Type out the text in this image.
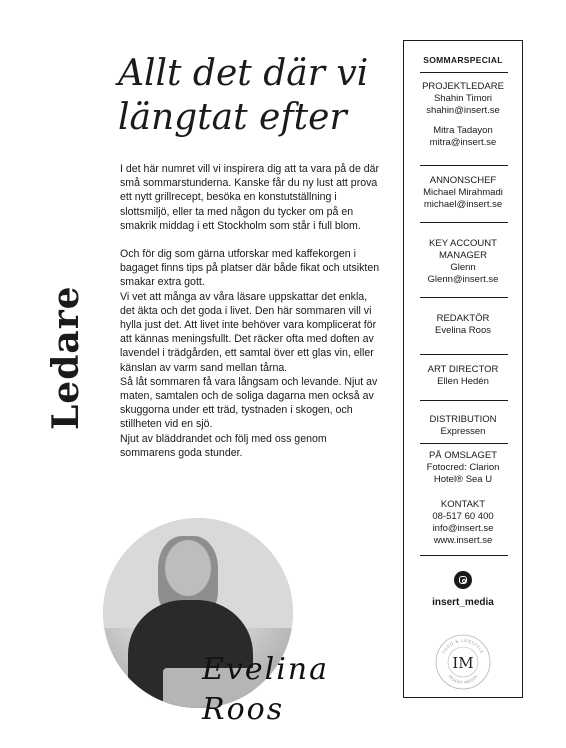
Ledare
Allt det där vi
längtat efter

I det här numret vill vi inspirera dig att ta vara på de där små sommarstunderna. Kanske får du ny lust att prova ett nytt grillrecept, besöka en konstutställning i slottsmiljö, eller ta med någon du tycker om på en smakrik middag i ett Stockholm som står i full blom.

Och för dig som gärna utforskar med kaffekorgen i bagaget finns tips på platser där både fikat och utsikten smakar extra gott.

Vi vet att många av våra läsare uppskattar det enkla, det äkta och det goda i livet. Den här sommaren vill vi hylla just det. Att livet inte behöver vara komplicerat för att kännas meningsfullt. Det räcker ofta med doften av lavendel i trädgården, ett samtal över ett glas vin, eller känslan av varm sand mellan tårna.

Så låt sommaren få vara långsam och levande. Njut av maten, samtalen och de soliga dagarna men också av skuggorna under ett träd, tystnaden i skogen, och stillheten vid en sjö.

Njut av bläddrandet och följ med oss genom sommarens goda stunder.

Evelina Roos
SOMMARSPECIAL
PROJEKTLEDARE
Shahin Timori
shahin@insert.se
Mitra Tadayon
mitra@insert.se
ANNONSCHEF
Michael Mirahmadi
michael@insert.se
KEY ACCOUNT
MANAGER
Glenn
Glenn@insert.se
REDAKTÖR
Evelina Roos
ART DIRECTOR
Ellen Hedén
DISTRIBUTION
Expressen
PÅ OMSLAGET
Fotocred: Clarion
Hotel® Sea U
KONTAKT
08-517 60 400
info@insert.se
www.insert.se
insert_media
FOOD & LIFESTYLE
INSERT MEDIA
IM
